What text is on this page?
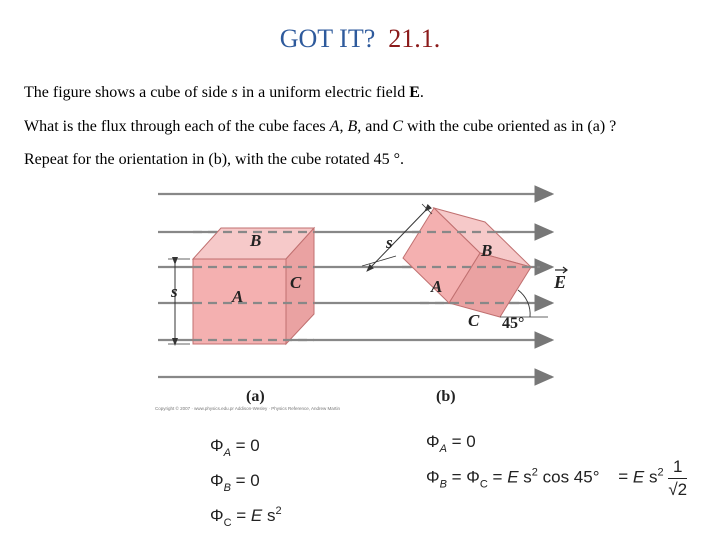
GOT IT? 21.1.
The figure shows a cube of side s in a uniform electric field E.
What is the flux through each of the cube faces A, B, and C with the cube oriented as in (a) ?
Repeat for the orientation in (b), with the cube rotated 45 °.
B
A
C
s
B
A
C
s
45°
E
(a)	(b)
Copyright © 2007 · www.physics.edu.pr Addison-Wesley · Physics Reference, Andrew Martin
$\Phi_A = 0$
$\Phi_B = 0$
$\Phi_C = E$ $s^2$
$\Phi_A = 0$
$\Phi_B = \Phi_C = E$ $s^2$ cos 45° = E $s^2 \frac{1}{√2}$
